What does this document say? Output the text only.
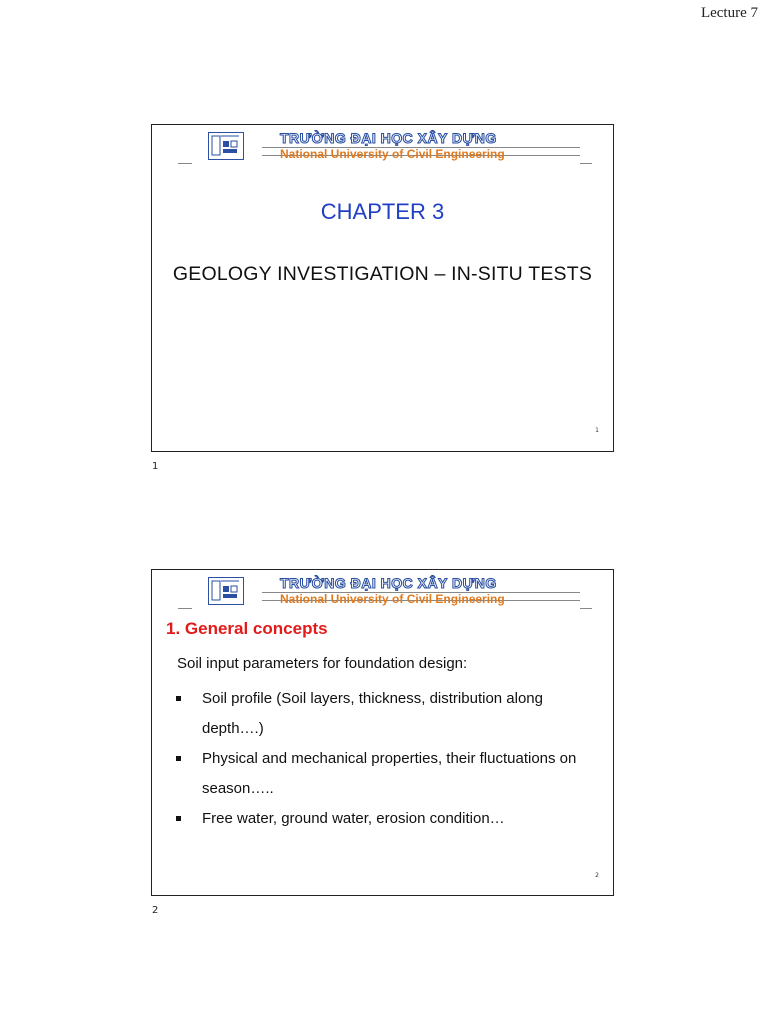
Lecture 7
TRƯỜNG ĐẠI HỌC XÂY DỰNG
National University of Civil Engineering
CHAPTER 3
GEOLOGY INVESTIGATION – IN-SITU TESTS
1
1
TRƯỜNG ĐẠI HỌC XÂY DỰNG
National University of Civil Engineering
1. General concepts
Soil input parameters for foundation design:
Soil profile (Soil layers, thickness, distribution along depth….)
Physical and mechanical properties, their fluctuations on season…..
Free water, ground water, erosion condition…
2
2
